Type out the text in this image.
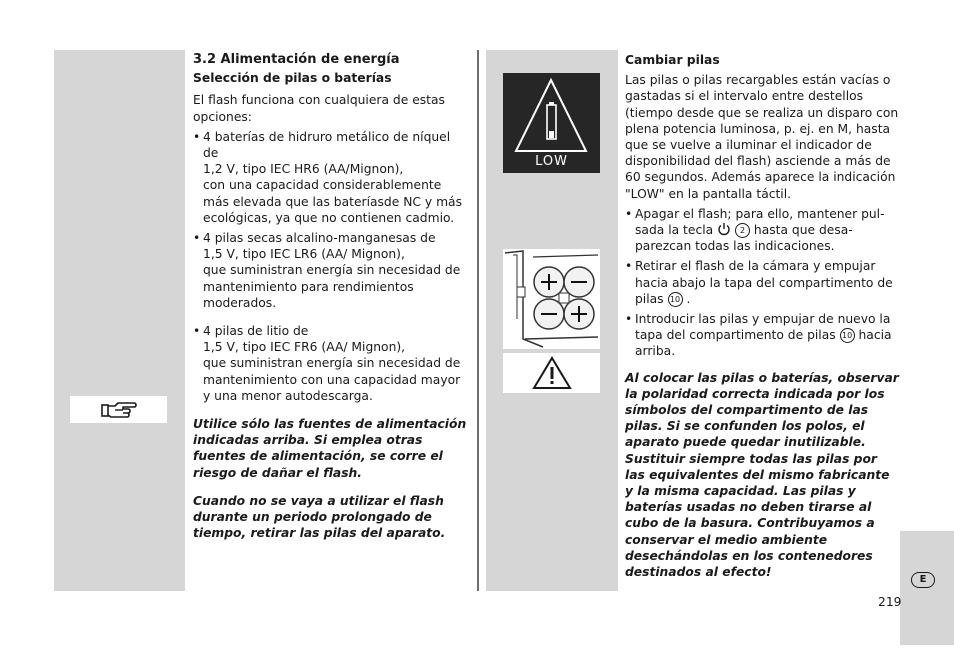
LOW
3.2 Alimentación de energía
Selección de pilas o baterías

El flash funciona con cualquiera de estas opciones:

• 4 baterías de hidruro metálico de níquel de
1,2 V, tipo IEC HR6 (AA/Mignon),
con una capacidad considerablemente más elevada que las bateríasde NC y más ecológicas, ya que no contienen cadmio.
• 4 pilas secas alcalino-manganesas de
1,5 V, tipo IEC LR6 (AA/ Mignon),
que suministran energía sin necesidad de mantenimiento para rendimientos moderados.
• 4 pilas de litio de
1,5 V, tipo IEC FR6 (AA/ Mignon),
que suministran energía sin necesidad de mantenimiento con una capacidad mayor y una menor autodescarga.

Utilice sólo las fuentes de alimentación indicadas arriba. Si emplea otras fuentes de alimentación, se corre el riesgo de dañar el flash.

Cuando no se vaya a utilizar el flash durante un periodo prolongado de tiempo, retirar las pilas del aparato.

Cambiar pilas

Las pilas o pilas recargables están vacías o gastadas si el intervalo entre destellos (tiempo desde que se realiza un disparo con plena potencia luminosa, p. ej. en M, hasta que se vuelve a iluminar el indicador de disponibilidad del flash) asciende a más de 60 segundos. Además aparece la indicación "LOW" en la pantalla táctil.

• Apagar el flash; para ello, mantener pulsada la tecla	2 hasta que desaparezcan todas las indicaciones.
• Retirar el flash de la cámara y empujar hacia abajo la tapa del compartimento de pilas 10 .
• Introducir las pilas y empujar de nuevo la tapa del compartimento de pilas 10 hacia arriba.

Al colocar las pilas o baterías, observar la polaridad correcta indicada por los símbolos del compartimento de las pilas. Si se confunden los polos, el aparato puede quedar inutilizable. Sustituir siempre todas las pilas por las equivalentes del mismo fabricante y la misma capacidad. Las pilas y baterías usadas no deben tirarse al cubo de la basura. Contribuyamos a conservar el medio ambiente desechándolas en los contenedores destinados al efecto!

E
219
